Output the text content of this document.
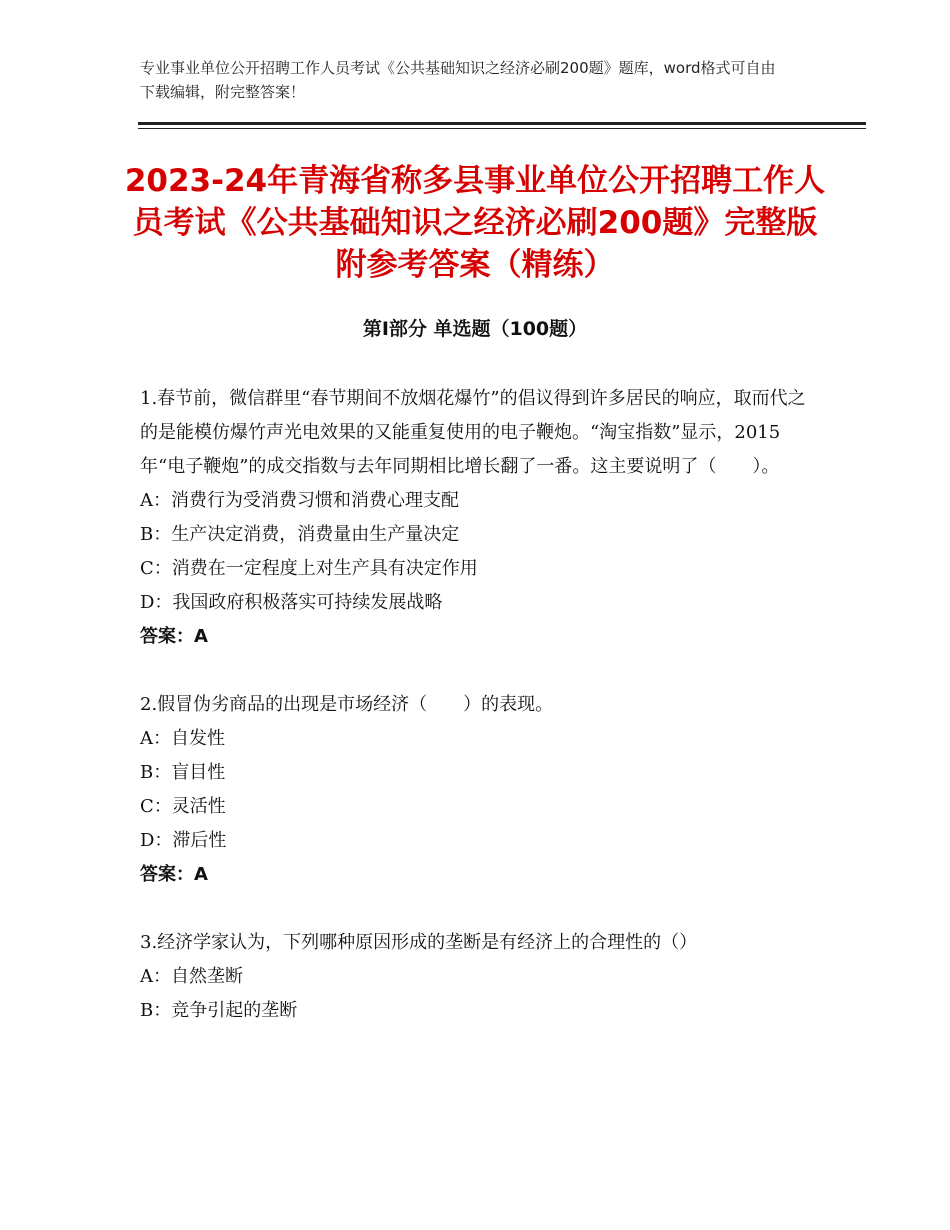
专业事业单位公开招聘工作人员考试《公共基础知识之经济必刷200题》题库，word格式可自由下载编辑，附完整答案！
2023-24年青海省称多县事业单位公开招聘工作人员考试《公共基础知识之经济必刷200题》完整版附参考答案（精练）
第Ⅰ部分 单选题（100题）
1.春节前，微信群里“春节期间不放烟花爆竹”的倡议得到许多居民的响应，取而代之的是能模仿爆竹声光电效果的又能重复使用的电子鞭炮。“淘宝指数”显示，2015年“电子鞭炮”的成交指数与去年同期相比增长翻了一番。这主要说明了（　　）。
A：消费行为受消费习惯和消费心理支配
B：生产决定消费，消费量由生产量决定
C：消费在一定程度上对生产具有决定作用
D：我国政府积极落实可持续发展战略
答案：A
2.假冒伪劣商品的出现是市场经济（　　）的表现。
A：自发性
B：盲目性
C：灵活性
D：滞后性
答案：A
3.经济学家认为，下列哪种原因形成的垄断是有经济上的合理性的（）
A：自然垄断
B：竞争引起的垄断
